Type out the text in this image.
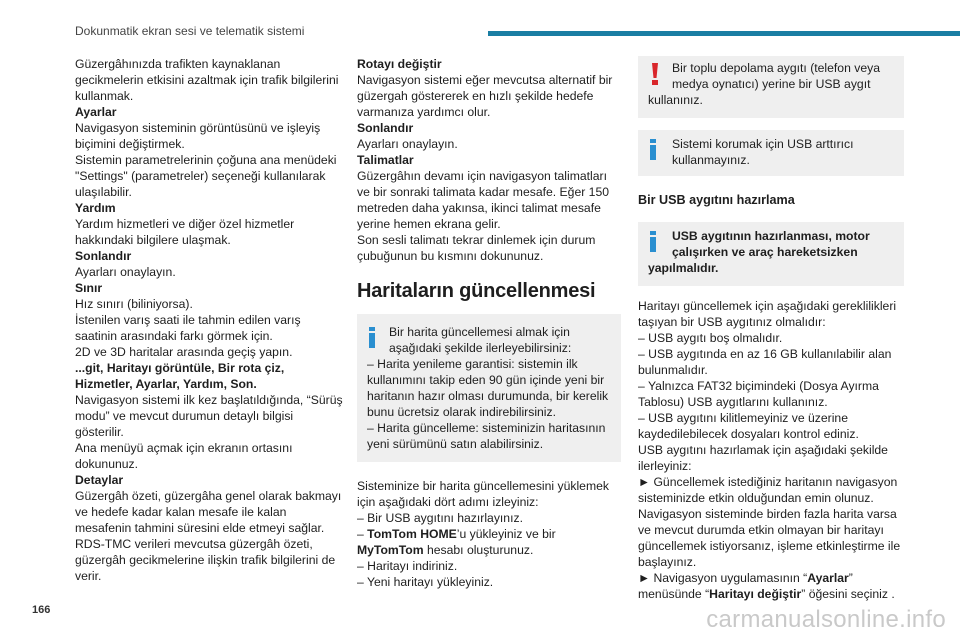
Dokunmatik ekran sesi ve telematik sistemi
Güzergâhınızda trafikten kaynaklanan gecikmelerin etkisini azaltmak için trafik bilgilerini kullanmak.
Ayarlar
Navigasyon sisteminin görüntüsünü ve işleyiş biçimini değiştirmek.
Sistemin parametrelerinin çoğuna ana menüdeki "Settings" (parametreler) seçeneği kullanılarak ulaşılabilir.
Yardım
Yardım hizmetleri ve diğer özel hizmetler hakkındaki bilgilere ulaşmak.
Sonlandır
Ayarları onaylayın.
Sınır
Hız sınırı (biliniyorsa).
İstenilen varış saati ile tahmin edilen varış saatinin arasındaki farkı görmek için.
2D ve 3D haritalar arasında geçiş yapın.
...git, Haritayı görüntüle, Bir rota çiz, Hizmetler, Ayarlar, Yardım, Son.
Navigasyon sistemi ilk kez başlatıldığında, “Sürüş modu” ve mevcut durumun detaylı bilgisi gösterilir.
Ana menüyü açmak için ekranın ortasını dokununuz.
Detaylar
Güzergâh özeti, güzergâha genel olarak bakmayı ve hedefe kadar kalan mesafe ile kalan mesafenin tahmini süresini elde etmeyi sağlar.
RDS-TMC verileri mevcutsa güzergâh özeti, güzergâh gecikmelerine ilişkin trafik bilgilerini de verir.
Rotayı değiştir
Navigasyon sistemi eğer mevcutsa alternatif bir güzergah göstererek en hızlı şekilde hedefe varmanıza yardımcı olur.
Sonlandır
Ayarları onaylayın.
Talimatlar
Güzergâhın devamı için navigasyon talimatları ve bir sonraki talimata kadar mesafe. Eğer 150 metreden daha yakınsa, ikinci talimat mesafe yerine hemen ekrana gelir.
Son sesli talimatı tekrar dinlemek için durum çubuğunun bu kısmını dokununuz.
Haritaların güncellenmesi
Bir harita güncellemesi almak için aşağıdaki şekilde ilerleyebilirsiniz:
– Harita yenileme garantisi: sistemin ilk kullanımını takip eden 90 gün içinde yeni bir haritanın hazır olması durumunda, bir kerelik bunu ücretsiz olarak indirebilirsiniz.
– Harita güncelleme: sisteminizin haritasının yeni sürümünü satın alabilirsiniz.
Sisteminize bir harita güncellemesini yüklemek için aşağıdaki dört adımı izleyiniz:
– Bir USB aygıtını hazırlayınız.
– TomTom HOME’u yükleyiniz ve bir MyTomTom hesabı oluşturunuz.
– Haritayı indiriniz.
– Yeni haritayı yükleyiniz.
Bir toplu depolama aygıtı (telefon veya medya oynatıcı) yerine bir USB aygıt
kullanınız.
Sistemi korumak için USB arttırıcı kullanmayınız.
Bir USB aygıtını hazırlama
USB aygıtının hazırlanması, motor çalışırken ve araç hareketsizken
yapılmalıdır.
Haritayı güncellemek için aşağıdaki gereklilikleri taşıyan bir USB aygıtınız olmalıdır:
– USB aygıtı boş olmalıdır.
– USB aygıtında en az 16 GB kullanılabilir alan bulunmalıdır.
– Yalnızca FAT32 biçimindeki (Dosya Ayırma Tablosu) USB aygıtlarını kullanınız.
– USB aygıtını kilitlemeyiniz ve üzerine kaydedilebilecek dosyaları kontrol ediniz.
USB aygıtını hazırlamak için aşağıdaki şekilde ilerleyiniz:
► Güncellemek istediğiniz haritanın navigasyon sisteminizde etkin olduğundan emin olunuz.
Navigasyon sisteminde birden fazla harita varsa ve mevcut durumda etkin olmayan bir haritayı güncellemek istiyorsanız, işleme etkinleştirme ile başlayınız.
► Navigasyon uygulamasının “Ayarlar” menüsünde “Haritayı değiştir” öğesini seçiniz .
166	carmanualsonline.info
